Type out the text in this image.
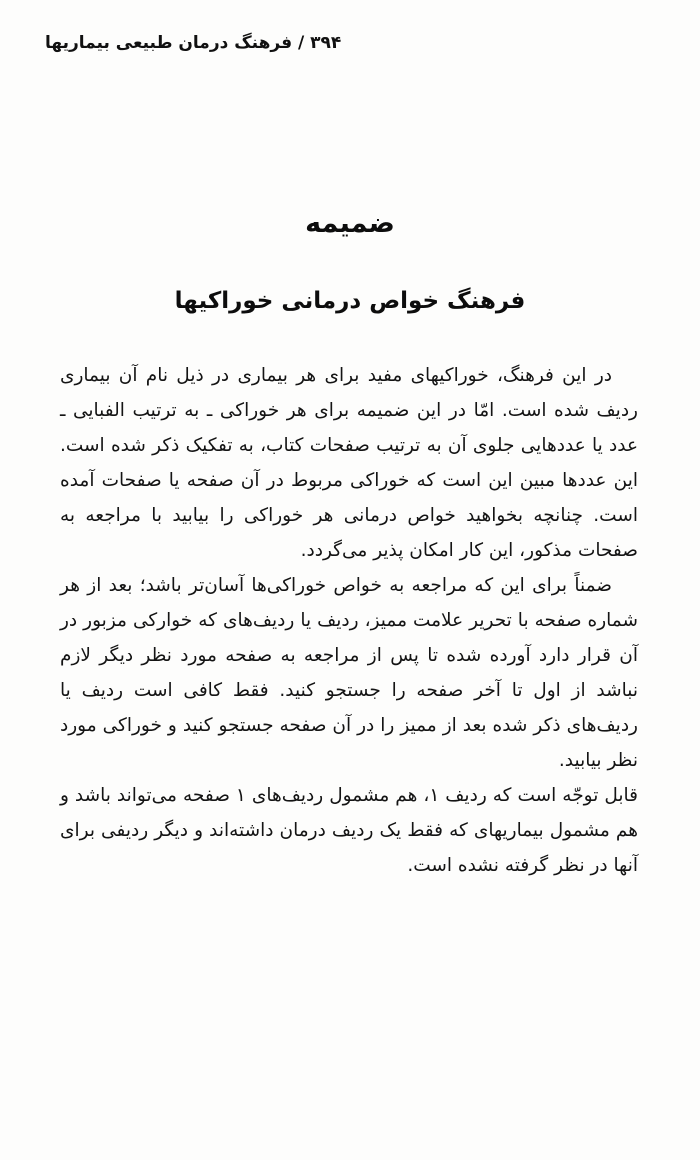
۳۹۴ / فرهنگ درمان طبیعی بیماریها
ضمیمه
فرهنگ خواص درمانی خوراکیها

در این فرهنگ، خوراکیهای مفید برای هر بیماری در ذیل نام آن بیماری ردیف شده است. امّا در این ضمیمه برای هر خوراکی ـ به ترتیب الفبایی ـ عدد یا عددهایی جلوی آن به ترتیب صفحات کتاب، به تفکیک ذکر شده است. این عددها مبین این است که خوراکی مربوط در آن صفحه یا صفحات آمده است. چنانچه بخواهید خواص درمانی هر خوراکی را بیابید با مراجعه به صفحات مذکور، این کار امکان پذیر می‌گردد.

ضمناً برای این که مراجعه به خواص خوراکی‌ها آسان‌تر باشد؛ بعد از هر شماره صفحه با تحریر علامت ممیز، ردیف یا ردیف‌های که خوارکی مزبور در آن قرار دارد آورده شده تا پس از مراجعه به صفحه مورد نظر دیگر لازم نباشد از اول تا آخر صفحه را جستجو کنید. فقط کافی است ردیف یا ردیف‌های ذکر شده بعد از ممیز را در آن صفحه جستجو کنید و خوراکی مورد نظر بیابید.

قابل توجّه است که ردیف ۱، هم مشمول ردیف‌های ۱ صفحه می‌تواند باشد و هم مشمول بیماریهای که فقط یک ردیف درمان داشته‌اند و دیگر ردیفی برای آنها در نظر گرفته نشده است.
